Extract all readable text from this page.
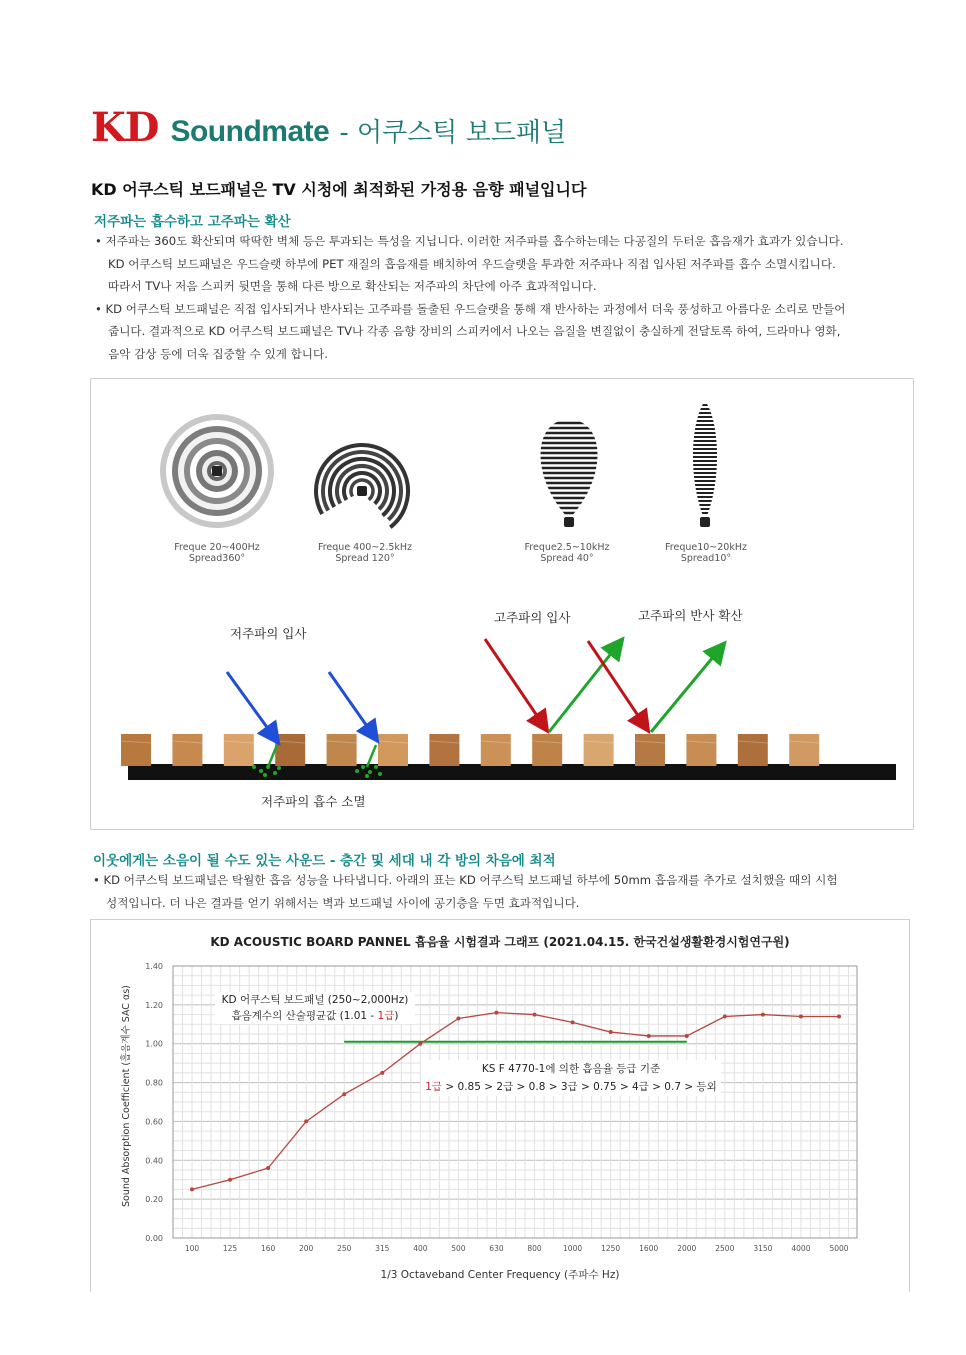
KD Soundmate - 어쿠스틱 보드패널
KD 어쿠스틱 보드패널은 TV 시청에 최적화된 가정용 음향 패널입니다
저주파는 흡수하고 고주파는 확산
• 저주파는 360도 확산되며 딱딱한 벽체 등은 투과되는 특성을 지닙니다. 이러한 저주파를 흡수하는데는 다공질의 두터운 흡음재가 효과가 있습니다.
KD 어쿠스틱 보드패널은 우드슬랫 하부에 PET 재질의 흡음재를 배치하여 우드슬랫을 투과한 저주파나 직접 입사된 저주파를 흡수 소멸시킵니다.
따라서 TV나 저음 스피커 뒷면을 통해 다른 방으로 확산되는 저주파의 차단에 아주 효과적입니다.
• KD 어쿠스틱 보드패널은 직접 입사되거나 반사되는 고주파를 돌출된 우드슬랫을 통해 재 반사하는 과정에서 더욱 풍성하고 아름다운 소리로 만들어
줍니다. 결과적으로 KD 어쿠스틱 보드패널은 TV나 각종 음향 장비의 스피커에서 나오는 음질을 변질없이 충실하게 전달토록 하여, 드라마나 영화,
음악 감상 등에 더욱 집중할 수 있게 합니다.
Freque 20~400Hz
Spread360°
Freque 400~2.5kHz
Spread 120°
Freque2.5~10kHz
Spread 40°
Freque10~20kHz
Spread10°
저주파의 입사
고주파의 입사	고주파의 반사 확산
저주파의 흡수 소멸
이웃에게는 소음이 될 수도 있는 사운드 - 층간 및 세대 내 각 방의 차음에 최적
• KD 어쿠스틱 보드패널은 탁월한 흡음 성능을 나타냅니다. 아래의 표는 KD 어쿠스틱 보드패널 하부에 50mm 흡음재를 추가로 설치했을 때의 시험
성적입니다. 더 나은 결과를 얻기 위해서는 벽과 보드패널 사이에 공기층을 두면 효과적입니다.
KD ACOUSTIC BOARD PANNEL 흡음율 시험결과 그래프 (2021.04.15. 한국건설생활환경시험연구원)
0.00
0.20
0.40
0.60
0.80
1.00
1.20
1.40
100	125	160	200	250	315	400	500	630	800	1000	1250	1600	2000	2500	3150	4000	5000
KD 어쿠스틱 보드패널 (250~2,000Hz)
흡음계수의 산술평균값 (1.01 - 1급)
KS F 4770-1에 의한 흡음율 등급 기준
1급 > 0.85 > 2급 > 0.8 > 3급 > 0.75 > 4급 > 0.7 > 등외
1/3 Octaveband Center Frequency (주파수 Hz)
Sound Absorption Coefficient (흡음계수 SAC αs)
